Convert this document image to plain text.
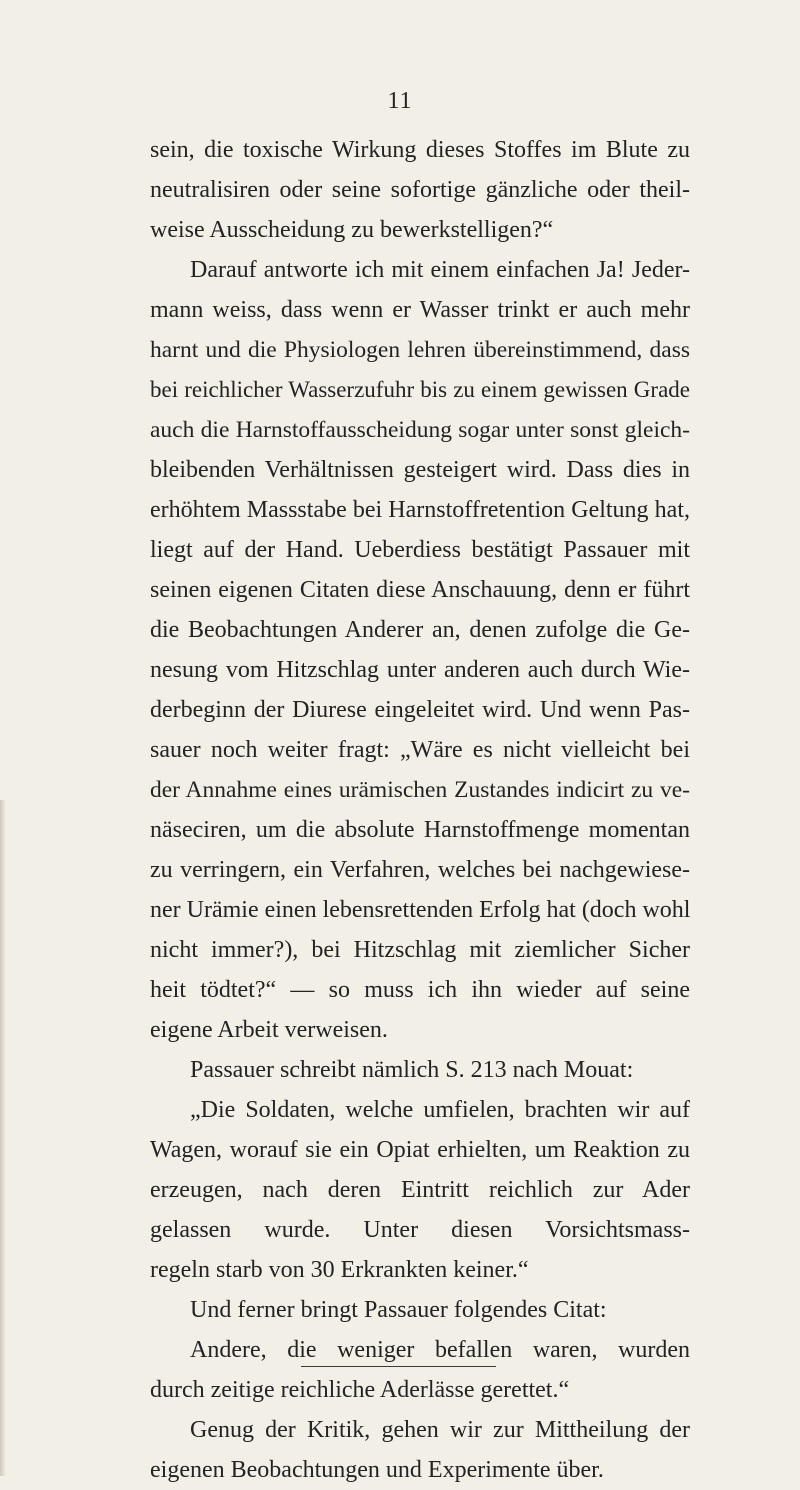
11
sein, die toxische Wirkung dieses Stoffes im Blute zu
neutralisiren oder seine sofortige gänzliche oder theil-
weise Ausscheidung zu bewerkstelligen?“
Darauf antworte ich mit einem einfachen Ja! Jeder-
mann weiss, dass wenn er Wasser trinkt er auch mehr
harnt und die Physiologen lehren übereinstimmend, dass
bei reichlicher Wasserzufuhr bis zu einem gewissen Grade
auch die Harnstoffausscheidung sogar unter sonst gleich-
bleibenden Verhältnissen gesteigert wird. Dass dies in
erhöhtem Massstabe bei Harnstoffretention Geltung hat,
liegt auf der Hand. Ueberdiess bestätigt Passauer mit
seinen eigenen Citaten diese Anschauung, denn er führt
die Beobachtungen Anderer an, denen zufolge die Ge-
nesung vom Hitzschlag unter anderen auch durch Wie-
derbeginn der Diurese eingeleitet wird. Und wenn Pas-
sauer noch weiter fragt: „Wäre es nicht vielleicht bei
der Annahme eines urämischen Zustandes indicirt zu ve-
näseciren, um die absolute Harnstoffmenge momentan
zu verringern, ein Verfahren, welches bei nachgewiese-
ner Urämie einen lebensrettenden Erfolg hat (doch wohl
nicht immer?), bei Hitzschlag mit ziemlicher Sicher
heit tödtet?“ — so muss ich ihn wieder auf seine
eigene Arbeit verweisen.
Passauer schreibt nämlich S. 213 nach Mouat:
„Die Soldaten, welche umfielen, brachten wir auf
Wagen, worauf sie ein Opiat erhielten, um Reaktion zu
erzeugen, nach deren Eintritt reichlich zur Ader
gelassen wurde. Unter diesen Vorsichtsmass-
regeln starb von 30 Erkrankten keiner.“
Und ferner bringt Passauer folgendes Citat:
Andere, die weniger befallen waren, wurden
durch zeitige reichliche Aderlässe gerettet.“
Genug der Kritik, gehen wir zur Mittheilung der
eigenen Beobachtungen und Experimente über.
